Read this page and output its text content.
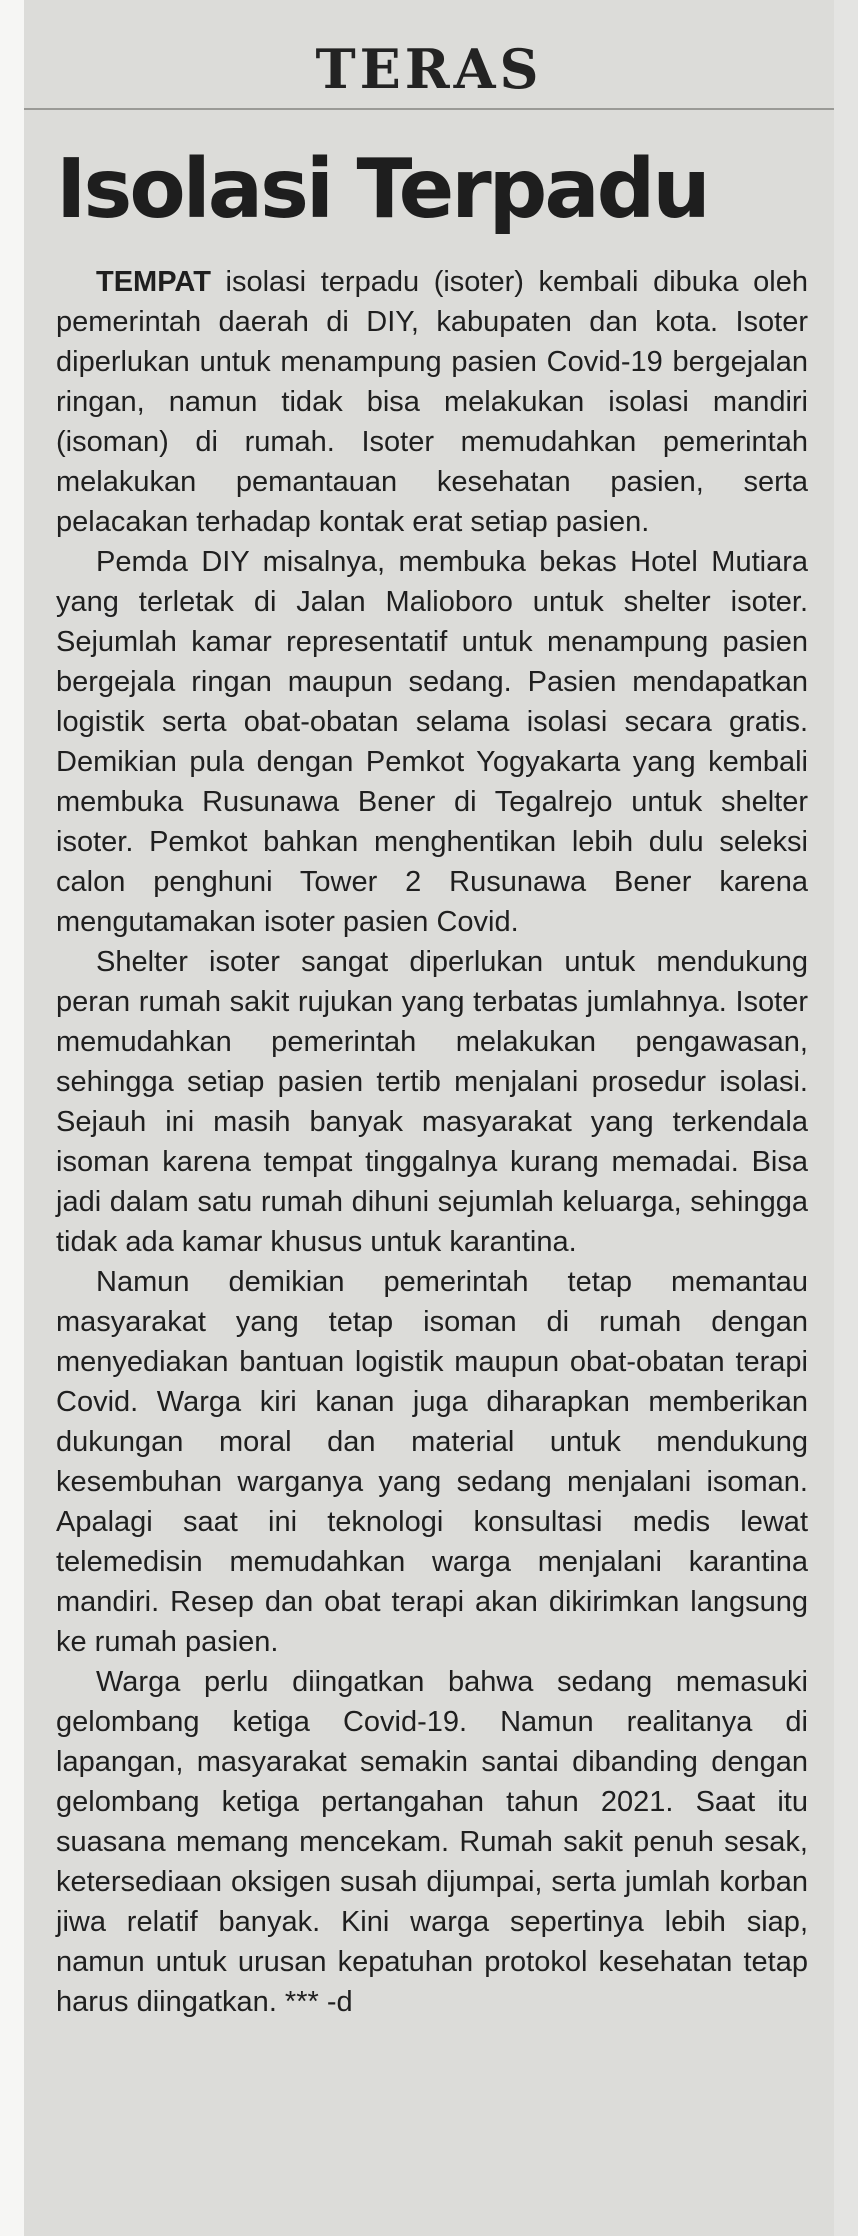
TERAS
Isolasi Terpadu

TEMPAT isolasi terpadu (isoter) kembali dibuka oleh pemerintah daerah di DIY, kabupaten dan kota. Isoter diperlukan untuk menampung pasien Covid-19 bergejalan ringan, namun tidak bisa melakukan isolasi mandiri (isoman) di rumah. Isoter memudahkan pemerintah melakukan pemantauan kesehatan pasien, serta pelacakan terhadap kontak erat setiap pasien.

Pemda DIY misalnya, membuka bekas Hotel Mutiara yang terletak di Jalan Malioboro untuk shelter isoter. Sejumlah kamar representatif untuk menampung pasien bergejala ringan maupun sedang. Pasien mendapatkan logistik serta obat-obatan selama isolasi secara gratis. Demikian pula dengan Pemkot Yogyakarta yang kembali membuka Rusunawa Bener di Tegalrejo untuk shelter isoter. Pemkot bahkan menghentikan lebih dulu seleksi calon penghuni Tower 2 Rusunawa Bener karena mengutamakan isoter pasien Covid.

Shelter isoter sangat diperlukan untuk mendukung peran rumah sakit rujukan yang terbatas jumlahnya. Isoter memudahkan pemerintah melakukan pengawasan, sehingga setiap pasien tertib menjalani prosedur isolasi. Sejauh ini masih banyak masyarakat yang terkendala isoman karena tempat tinggalnya kurang memadai. Bisa jadi dalam satu rumah dihuni sejumlah keluarga, sehingga tidak ada kamar khusus untuk karantina.

Namun demikian pemerintah tetap memantau masyarakat yang tetap isoman di rumah dengan menyediakan bantuan logistik maupun obat-obatan terapi Covid. Warga kiri kanan juga diharapkan memberikan dukungan moral dan material untuk mendukung kesembuhan warganya yang sedang menjalani isoman. Apalagi saat ini teknologi konsultasi medis lewat telemedisin memudahkan warga menjalani karantina mandiri. Resep dan obat terapi akan dikirimkan langsung ke rumah pasien.

Warga perlu diingatkan bahwa sedang memasuki gelombang ketiga Covid-19. Namun realitanya di lapangan, masyarakat semakin santai dibanding dengan gelombang ketiga pertangahan tahun 2021. Saat itu suasana memang mencekam. Rumah sakit penuh sesak, ketersediaan oksigen susah dijumpai, serta jumlah korban jiwa relatif banyak. Kini warga sepertinya lebih siap, namun untuk urusan kepatuhan protokol kesehatan tetap harus diingatkan. *** -d
